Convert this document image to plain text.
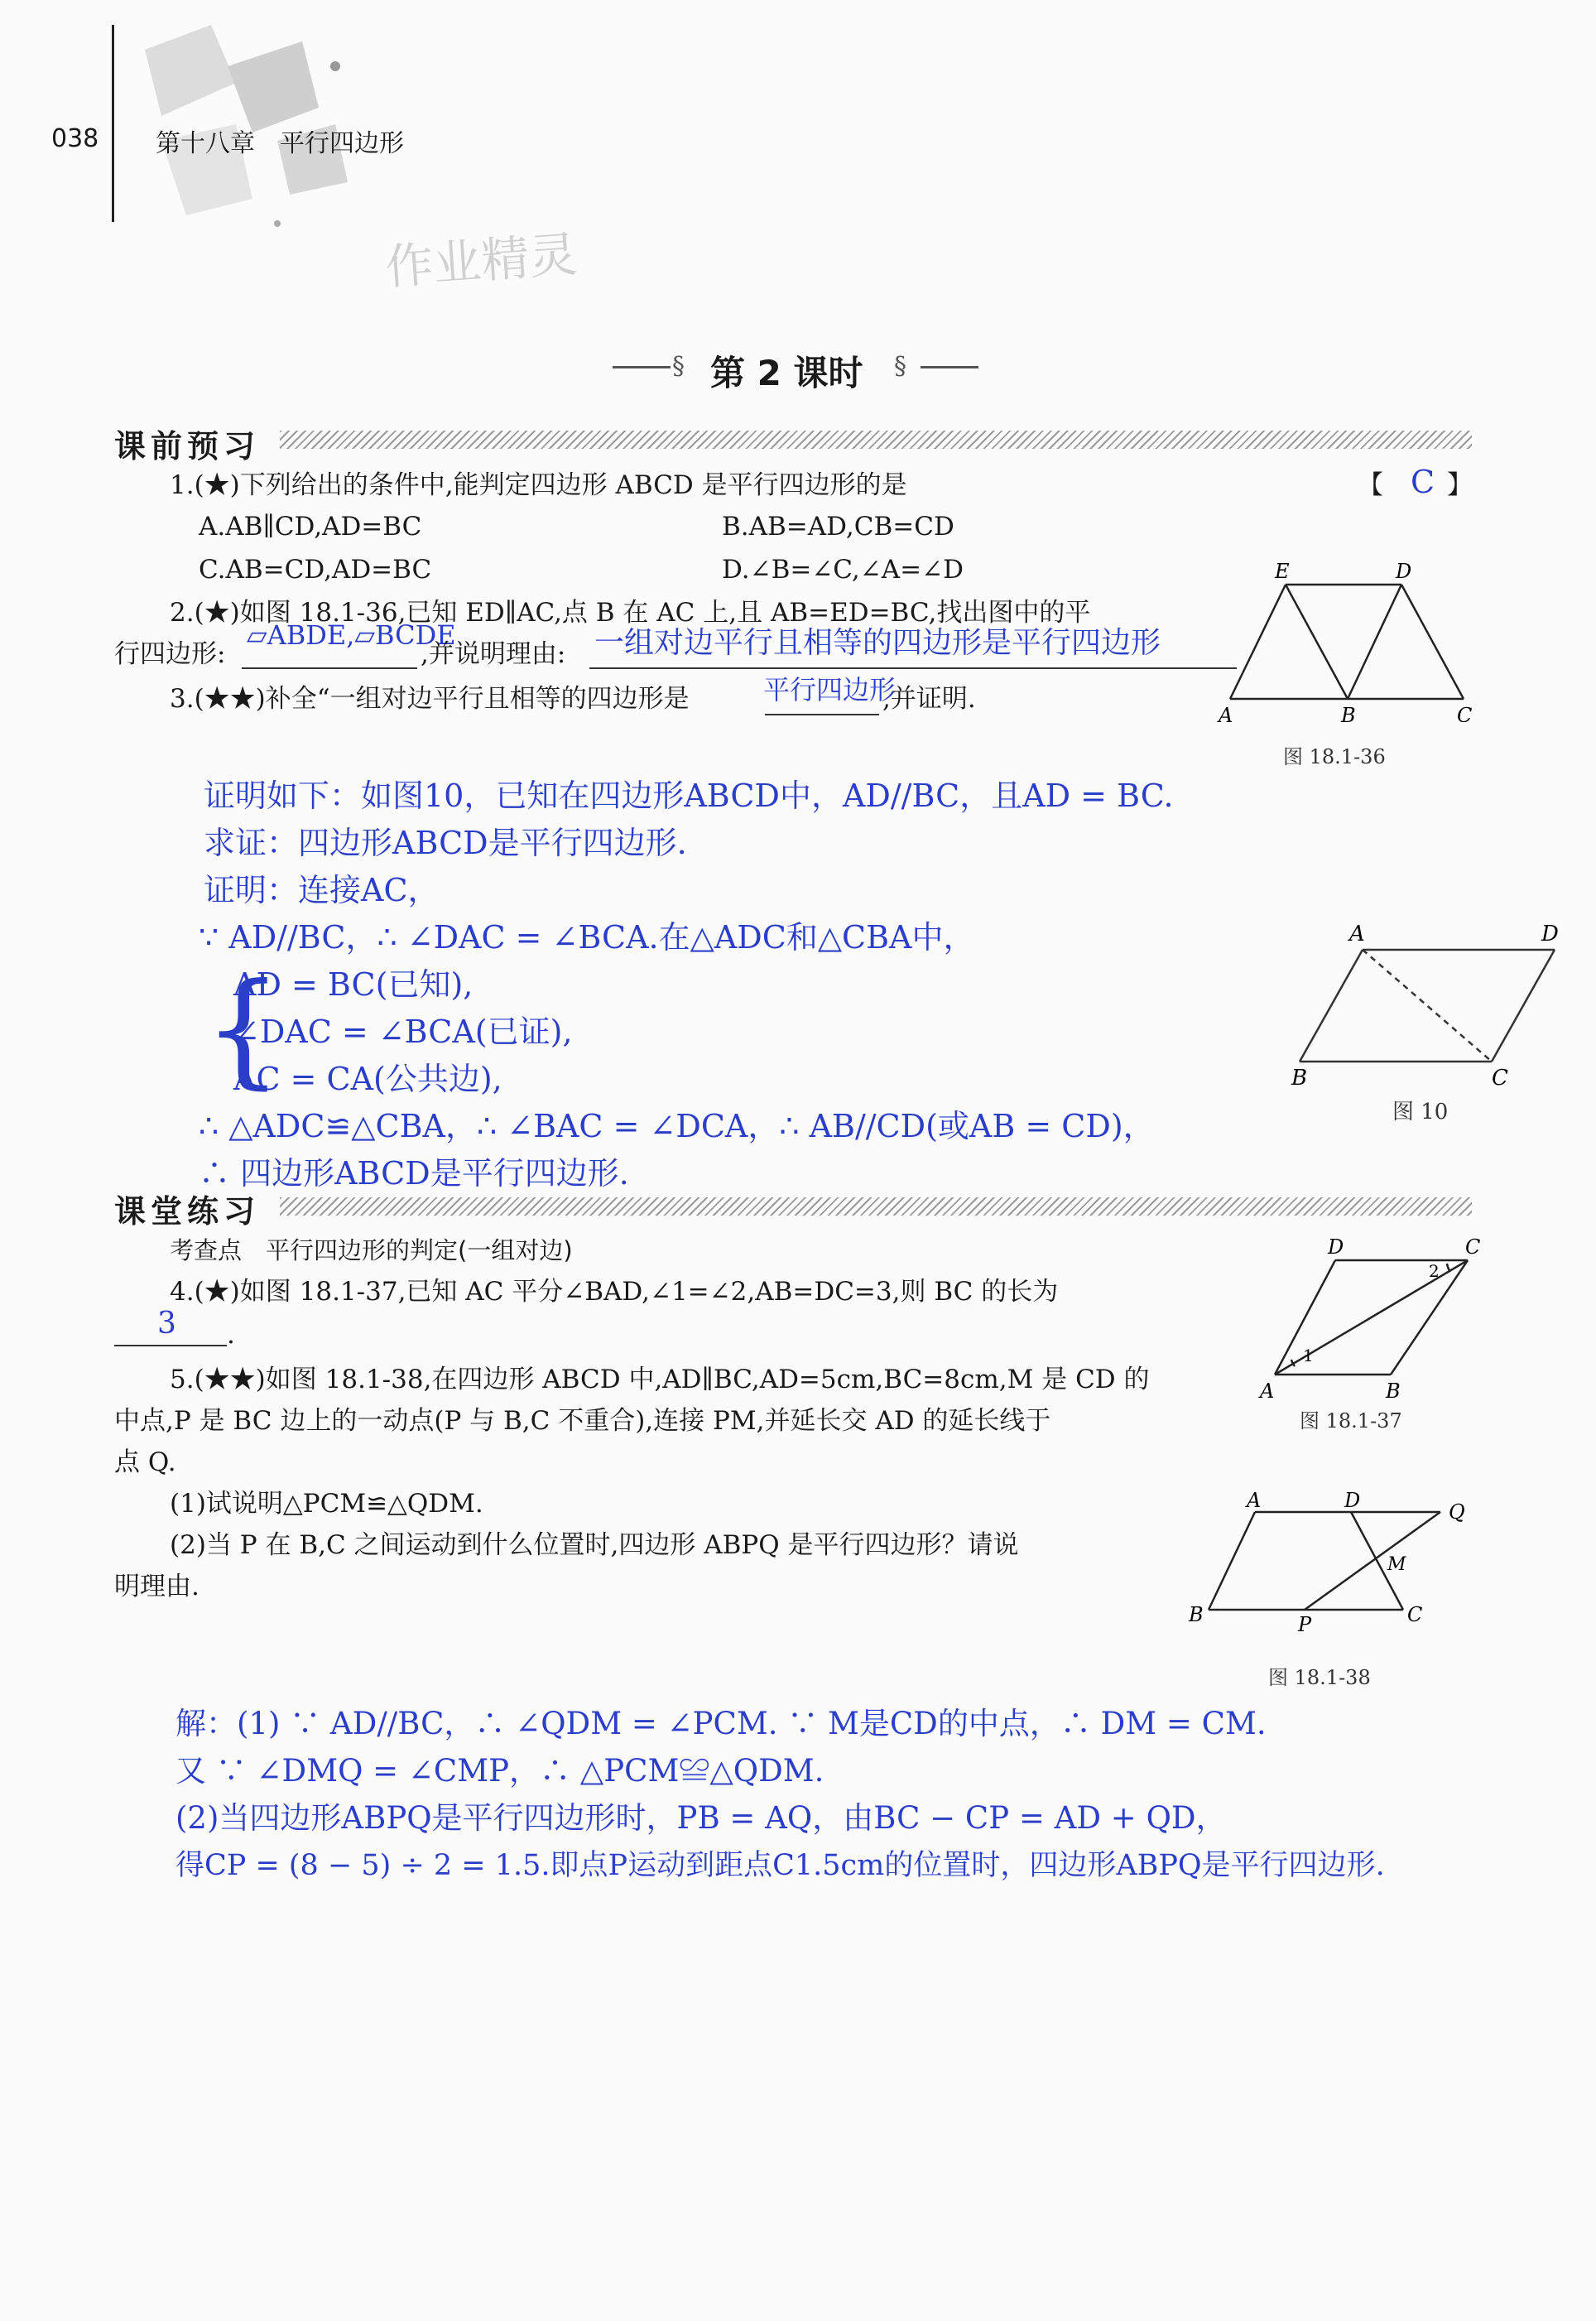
038 第十八章　平行四边形
作业精灵
§ 第 2 课时 §
课前预习
1.(★)下列给出的条件中,能判定四边形 ABCD 是平行四边形的是	【 C 】
A.AB∥CD,AD=BC	B.AB=AD,CB=CD
C.AB=CD,AD=BC	D.∠B=∠C,∠A=∠D
2.(★)如图 18.1-36,已知 ED∥AC,点 B 在 AC 上,且 AB=ED=BC,找出图中的平
行四边形:
▱ABDE,▱BCDE
,并说明理由: 一组对边平行且相等的四边形是平行四边形
3.(★★)补全“一组对边平行且相等的四边形是	平行四边形
,并证明.
E	D
A	B	C
图 18.1-36
证明如下：如图10，已知在四边形ABCD中，AD//BC，且AD = BC.
求证：四边形ABCD是平行四边形.
证明：连接AC，
∵ AD//BC，∴ ∠DAC = ∠BCA.在△ADC和△CBA中，
{
AD = BC(已知),
∠DAC = ∠BCA(已证),
AC = CA(公共边),
∴ △ADC≌△CBA，∴ ∠BAC = ∠DCA，∴ AB//CD(或AB = CD)，
∴ 四边形ABCD是平行四边形.
A	D
B	C
图 10
课堂练习
考查点　平行四边形的判定(一组对边)
4.(★)如图 18.1-37,已知 AC 平分∠BAD,∠1=∠2,AB=DC=3,则 BC 的长为
3 .
D	C
2
1
A	B
图 18.1-37
5.(★★)如图 18.1-38,在四边形 ABCD 中,AD∥BC,AD=5cm,BC=8cm,M 是 CD 的
中点,P 是 BC 边上的一动点(P 与 B,C 不重合),连接 PM,并延长交 AD 的延长线于
点 Q.
(1)试说明△PCM≌△QDM.
(2)当 P 在 B,C 之间运动到什么位置时,四边形 ABPQ 是平行四边形？请说
明理由.
A	D	Q
M
B	P	C
图 18.1-38
解：(1) ∵ AD//BC，∴ ∠QDM = ∠PCM. ∵ M是CD的中点，∴ DM = CM.
又 ∵ ∠DMQ = ∠CMP，∴ △PCM≌△QDM.
(2)当四边形ABPQ是平行四边形时，PB = AQ，由BC − CP = AD + QD，
得CP = (8 − 5) ÷ 2 = 1.5.即点P运动到距点C1.5cm的位置时，四边形ABPQ是平行四边形.
